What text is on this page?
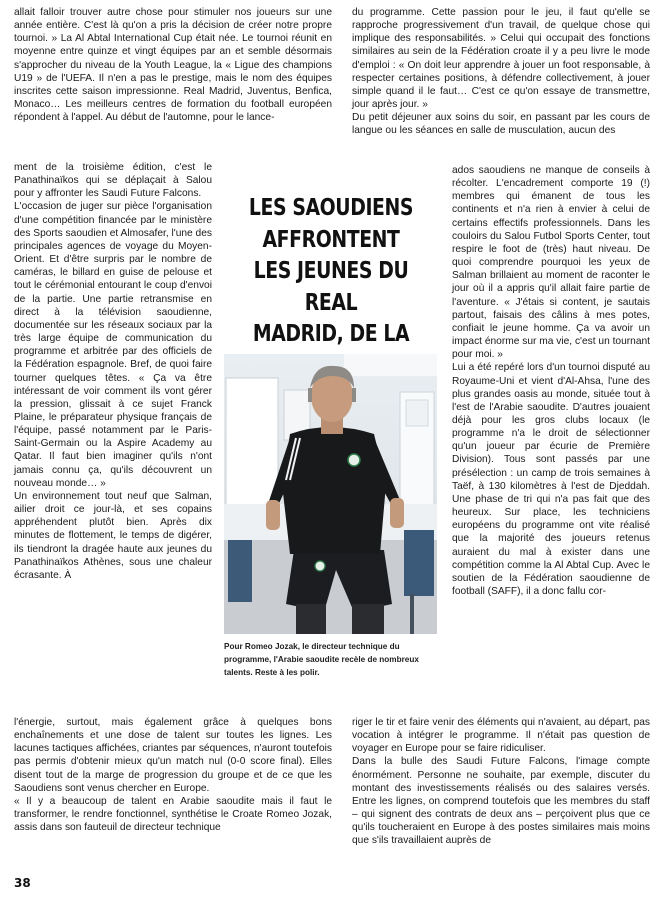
allait falloir trouver autre chose pour stimuler nos joueurs sur une année entière. C'est là qu'on a pris la décision de créer notre propre tournoi. » La Al Abtal International Cup était née. Le tournoi réunit en moyenne entre quinze et vingt équipes par an et semble désormais s'approcher du niveau de la Youth League, la « Ligue des champions U19 » de l'UEFA. Il n'en a pas le prestige, mais le nom des équipes inscrites cette saison impressionne. Real Madrid, Juventus, Benfica, Monaco… Les meilleurs centres de formation du football européen répondent à l'appel. Au début de l'automne, pour le lance-

ment de la troisième édition, c'est le Panathinaïkos qui se déplaçait à Salou pour y affronter les Saudi Future Falcons.

L'occasion de juger sur pièce l'organisation d'une compétition financée par le ministère des Sports saoudien et Almosafer, l'une des principales agences de voyage du Moyen-Orient. Et d'être surpris par le nombre de caméras, le billard en guise de pelouse et tout le cérémonial entourant le coup d'envoi de la partie. Une partie retransmise en direct à la télévision saoudienne, documentée sur les réseaux sociaux par la très large équipe de communication du programme et arbitrée par des officiels de la Fédération espagnole. Bref, de quoi faire tourner quelques têtes. « Ça va être intéressant de voir comment ils vont gérer la pression, glissait à ce sujet Franck Plaine, le préparateur physique français de l'équipe, passé notamment par le Paris-Saint-Germain ou la Aspire Academy au Qatar. Il faut bien imaginer qu'ils n'ont jamais connu ça, qu'ils découvrent un nouveau monde… »

Un environnement tout neuf que Salman, ailier droit ce jour-là, et ses copains appréhendent plutôt bien. Après dix minutes de flottement, le temps de digérer, ils tiendront la dragée haute aux jeunes du Panathinaïkos Athènes, sous une chaleur écrasante. À

l'énergie, surtout, mais également grâce à quelques bons enchaînements et une dose de talent sur toutes les lignes. Les lacunes tactiques affichées, criantes par séquences, n'auront toutefois pas permis d'obtenir mieux qu'un match nul (0-0 score final). Elles disent tout de la marge de progression du groupe et de ce que les Saoudiens sont venus chercher en Europe.

« Il y a beaucoup de talent en Arabie saoudite mais il faut le transformer, le rendre fonctionnel, synthétise le Croate Romeo Jozak, assis dans son fauteuil de directeur technique

du programme. Cette passion pour le jeu, il faut qu'elle se rapproche progressivement d'un travail, de quelque chose qui implique des responsabilités. » Celui qui occupait des fonctions similaires au sein de la Fédération croate il y a peu livre le mode d'emploi : « On doit leur apprendre à jouer un foot responsable, à respecter certaines positions, à défendre collectivement, à jouer simple quand il le faut… C'est ce qu'on essaye de transmettre, jour après jour. »

Du petit déjeuner aux soins du soir, en passant par les cours de langue ou les séances en salle de musculation, aucun des

ados saoudiens ne manque de conseils à récolter. L'encadrement comporte 19 (!) membres qui émanent de tous les continents et n'a rien à envier à celui de certains effectifs professionnels. Dans les couloirs du Salou Futbol Sports Center, tout respire le foot de (très) haut niveau. De quoi comprendre pourquoi les yeux de Salman brillaient au moment de raconter le jour où il a appris qu'il allait faire partie de l'aventure. « J'étais si content, je sautais partout, faisais des câlins à mes potes, confiait le jeune homme. Ça va avoir un impact énorme sur ma vie, c'est un tournant pour moi. »

Lui a été repéré lors d'un tournoi disputé au Royaume-Uni et vient d'Al-Ahsa, l'une des plus grandes oasis au monde, située tout à l'est de l'Arabie saoudite. D'autres jouaient déjà pour les gros clubs locaux (le programme n'a le droit de sélectionner qu'un joueur par écurie de Première Division). Tous sont passés par une présélection : un camp de trois semaines à Taëf, à 130 kilomètres à l'est de Djeddah. Une phase de tri qui n'a pas fait que des heureux. Sur place, les techniciens européens du programme ont vite réalisé que la majorité des joueurs retenus auraient du mal à exister dans une compétition comme la Al Abtal Cup. Avec le soutien de la Fédération saoudienne de football (SAFF), il a donc fallu cor-

riger le tir et faire venir des éléments qui n'avaient, au départ, pas vocation à intégrer le programme. Il n'était pas question de voyager en Europe pour se faire ridiculiser.

Dans la bulle des Saudi Future Falcons, l'image compte énormément. Personne ne souhaite, par exemple, discuter du montant des investissements réalisés ou des salaires versés. Entre les lignes, on comprend toutefois que les membres du staff – qui signent des contrats de deux ans – perçoivent plus que ce qu'ils toucheraient en Europe à des postes similaires mais moins que s'ils travaillaient auprès de

LES SAOUDIENS
AFFRONTENT
LES JEUNES DU REAL
MADRID, DE LA
Pour Romeo Jozak, le directeur technique du programme, l'Arabie saoudite recèle de nombreux talents. Reste à les polir.
38
